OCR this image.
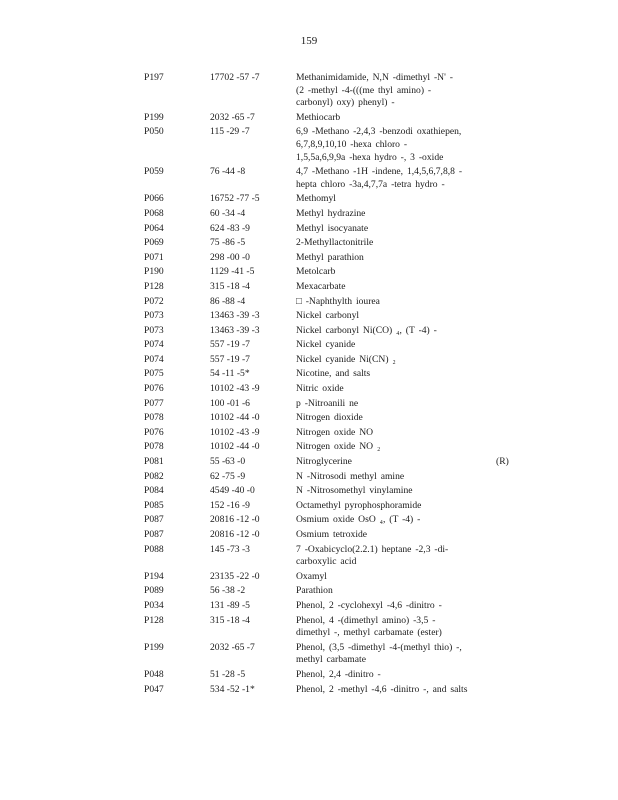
159
P197	17702 -57 -7	Methanimidamide, N,N -dimethyl -N' -
(2 -methyl -4-(((me thyl amino) -
carbonyl) oxy) phenyl) -
P199	2032 -65 -7	Methiocarb
P050	115 -29 -7	6,9 -Methano -2,4,3 -benzodi oxathiepen,
6,7,8,9,10,10 -hexa chloro -
1,5,5a,6,9,9a -hexa hydro -, 3 -oxide
P059	76 -44 -8	4,7 -Methano -1H -indene, 1,4,5,6,7,8,8 -
hepta chloro -3a,4,7,7a -tetra hydro -
P066	16752 -77 -5	Methomyl
P068	60 -34 -4	Methyl hydrazine
P064	624 -83 -9	Methyl isocyanate
P069	75 -86 -5	2-Methyllactonitrile
P071	298 -00 -0	Methyl parathion
P190	1129 -41 -5	Metolcarb
P128	315 -18 -4	Mexacarbate
P072	86 -88 -4	□ -Naphthylth iourea
P073	13463 -39 -3	Nickel carbonyl
P073	13463 -39 -3	Nickel carbonyl Ni(CO) ₄, (T -4) -
P074	557 -19 -7	Nickel cyanide
P074	557 -19 -7	Nickel cyanide Ni(CN) ₂
P075	54 -11 -5*	Nicotine, and salts
P076	10102 -43 -9	Nitric oxide
P077	100 -01 -6	p -Nitroanili ne
P078	10102 -44 -0	Nitrogen dioxide
P076	10102 -43 -9	Nitrogen oxide NO
P078	10102 -44 -0	Nitrogen oxide NO ₂
P081	55 -63 -0	Nitroglycerine	(R)
P082	62 -75 -9	N -Nitrosodi methyl amine
P084	4549 -40 -0	N -Nitrosomethyl vinylamine
P085	152 -16 -9	Octamethyl pyrophosphoramide
P087	20816 -12 -0	Osmium oxide OsO ₄, (T -4) -
P087	20816 -12 -0	Osmium tetroxide
P088	145 -73 -3	7 -Oxabicyclo(2.2.1) heptane -2,3 -di-
carboxylic acid
P194	23135 -22 -0	Oxamyl
P089	56 -38 -2	Parathion
P034	131 -89 -5	Phenol, 2 -cyclohexyl -4,6 -dinitro -
P128	315 -18 -4	Phenol, 4 -(dimethyl amino) -3,5 -
dimethyl -, methyl carbamate (ester)
P199	2032 -65 -7	Phenol, (3,5 -dimethyl -4-(methyl thio) -,
methyl carbamate
P048	51 -28 -5	Phenol, 2,4 -dinitro -
P047	534 -52 -1*	Phenol, 2 -methyl -4,6 -dinitro -, and salts
